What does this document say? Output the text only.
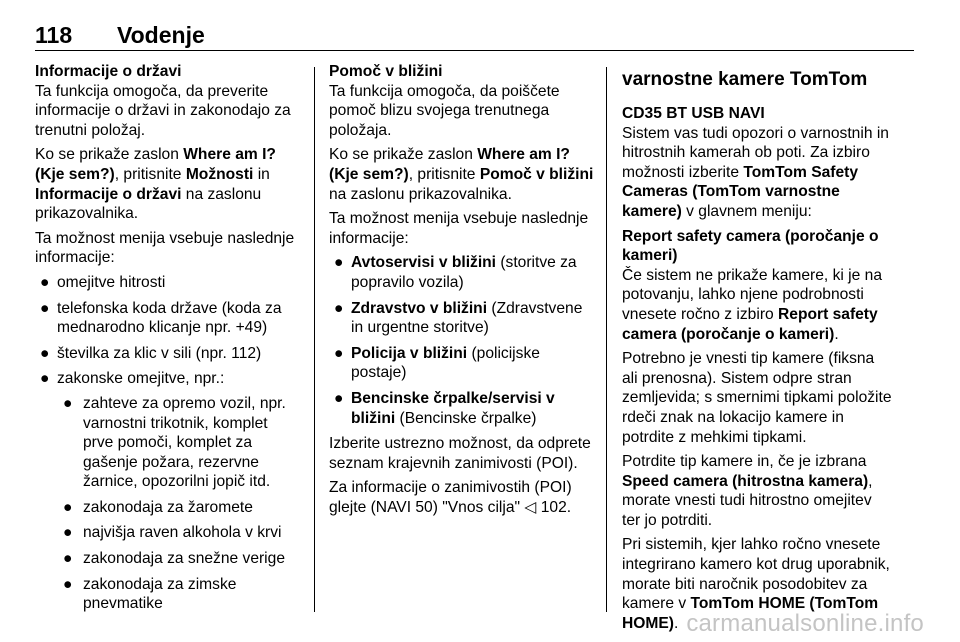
118 Vodenje
Informacije o državi

Ta funkcija omogoča, da preverite informacije o državi in zakonodajo za trenutni položaj.

Ko se prikaže zaslon Where am I? (Kje sem?), pritisnite Možnosti in Informacije o državi na zaslonu prikazovalnika.

Ta možnost menija vsebuje naslednje informacije:

● omejitve hitrosti
● telefonska koda države (koda za mednarodno klicanje npr. +49)
● številka za klic v sili (npr. 112)
● zakonske omejitve, npr.:
● zahteve za opremo vozil, npr. varnostni trikotnik, komplet prve pomoči, komplet za gašenje požara, rezervne žarnice, opozorilni jopič itd.
● zakonodaja za žaromete
● najvišja raven alkohola v krvi
● zakonodaja za snežne verige
● zakonodaja za zimske pnevmatike
Pomoč v bližini

Ta funkcija omogoča, da poiščete pomoč blizu svojega trenutnega položaja.

Ko se prikaže zaslon Where am I? (Kje sem?), pritisnite Pomoč v bližini na zaslonu prikazovalnika.

Ta možnost menija vsebuje naslednje informacije:

● Avtoservisi v bližini (storitve za popravilo vozila)
● Zdravstvo v bližini (Zdravstvene in urgentne storitve)
● Policija v bližini (policijske postaje)
● Bencinske črpalke/servisi v bližini (Bencinske črpalke)

Izberite ustrezno možnost, da odprete seznam krajevnih zanimivosti (POI).

Za informacije o zanimivostih (POI) glejte (NAVI 50) "Vnos cilja" ◁ 102.

varnostne kamere TomTom
CD35 BT USB NAVI

Sistem vas tudi opozori o varnostnih in hitrostnih kamerah ob poti. Za izbiro možnosti izberite TomTom Safety Cameras (TomTom varnostne kamere) v glavnem meniju:

Report safety camera (poročanje o kameri)

Če sistem ne prikaže kamere, ki je na potovanju, lahko njene podrobnosti vnesete ročno z izbiro Report safety camera (poročanje o kameri).

Potrebno je vnesti tip kamere (fiksna ali prenosna). Sistem odpre stran zemljevida; s smernimi tipkami položite rdeči znak na lokacijo kamere in potrdite z mehkimi tipkami.

Potrdite tip kamere in, če je izbrana Speed camera (hitrostna kamera), morate vnesti tudi hitrostno omejitev ter jo potrditi.

Pri sistemih, kjer lahko ročno vnesete integrirano kamero kot drug uporabnik, morate biti naročnik posodobitev za kamere v TomTom HOME (TomTom HOME). carmanualsonline.info
